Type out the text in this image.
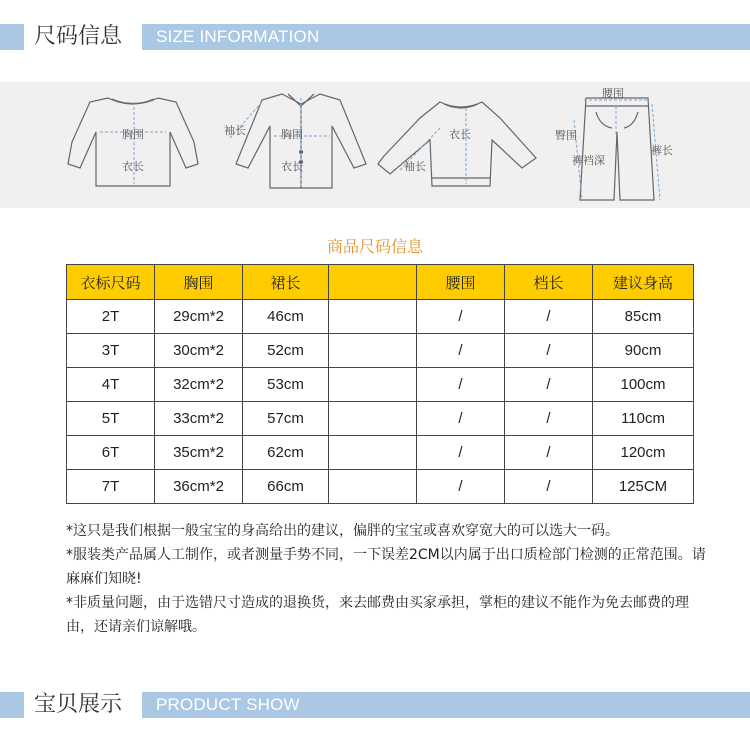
尺码信息 SIZE INFORMATION
胸围
衣长
袖长	胸围
衣长
衣长
袖长
腰围
臀围
裤裆深
裤长
商品尺码信息
衣标尺码	胸围	裙长		腰围	档长	建议身高
2T	29cm*2	46cm		/	/	85cm
3T	30cm*2	52cm		/	/	90cm
4T	32cm*2	53cm		/	/	100cm
5T	33cm*2	57cm		/	/	110cm
6T	35cm*2	62cm		/	/	120cm
7T	36cm*2	66cm		/	/	125CM

*这只是我们根据一般宝宝的身高给出的建议，偏胖的宝宝或喜欢穿宽大的可以选大一码。

*服装类产品属人工制作，或者测量手势不同，一下误差2CM以内属于出口质检部门检测的正常范围。请麻麻们知晓!

*非质量问题，由于选错尺寸造成的退换货，来去邮费由买家承担，掌柜的建议不能作为免去邮费的理由，还请亲们谅解哦。

宝贝展示 PRODUCT SHOW
